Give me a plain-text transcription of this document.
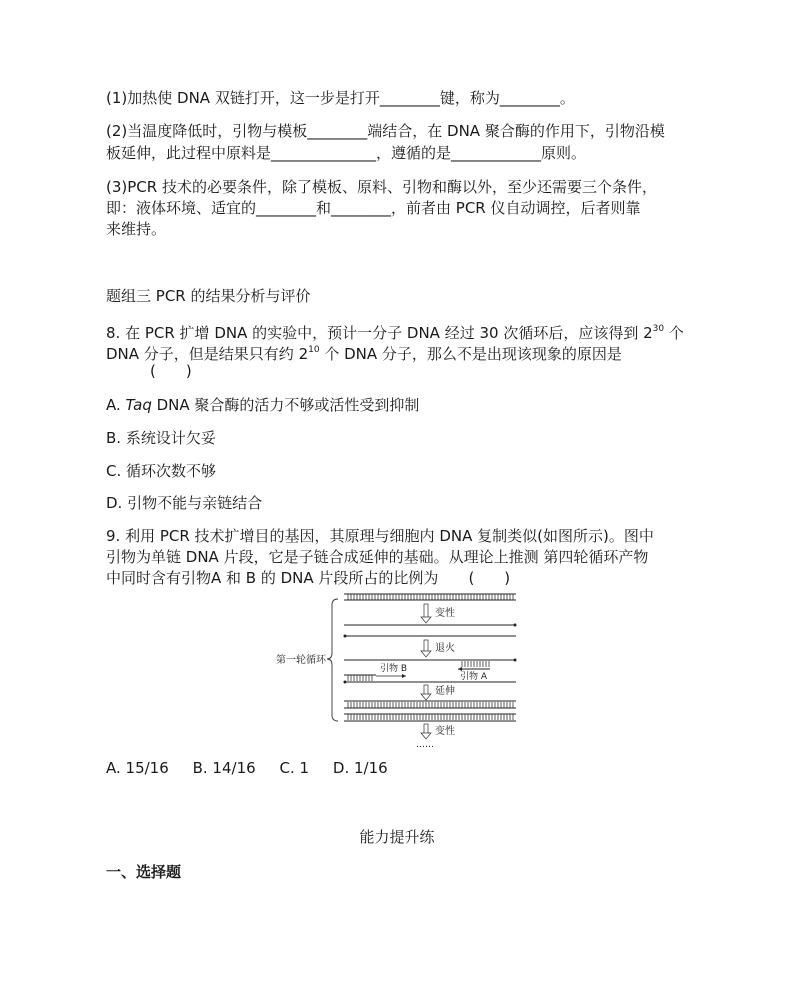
(1)加热使 DNA 双链打开，这一步是打开________键，称为________。
(2)当温度降低时，引物与模板________端结合，在 DNA 聚合酶的作用下，引物沿模
板延伸，此过程中原料是______________，遵循的是____________原则。
(3)PCR 技术的必要条件，除了模板、原料、引物和酶以外，至少还需要三个条件，
即：液体环境、适宜的________和________，前者由 PCR 仪自动调控，后者则靠
来维持。
题组三 PCR 的结果分析与评价
8. 在 PCR 扩增 DNA 的实验中，预计一分子 DNA 经过 30 次循环后，应该得到 $2^{30}$ 个
DNA 分子，但是结果只有约 $2^{10}$ 个 DNA 分子，那么不是出现该现象的原因是
(　　)
A. Taq DNA 聚合酶的活力不够或活性受到抑制
B. 系统设计欠妥
C. 循环次数不够
D. 引物不能与亲链结合
9. 利用 PCR 技术扩增目的基因，其原理与细胞内 DNA 复制类似(如图所示)。图中
引物为单链 DNA 片段，它是子链合成延伸的基础。从理论上推测 第四轮循环产物
中同时含有引物A 和 B 的 DNA 片段所占的比例为 (　　)
第一轮循环
变性
退火
引物 A
引物 B
延伸
变性
……
A. 15/16     B. 14/16     C. 1     D. 1/16
能力提升练
一、选择题
